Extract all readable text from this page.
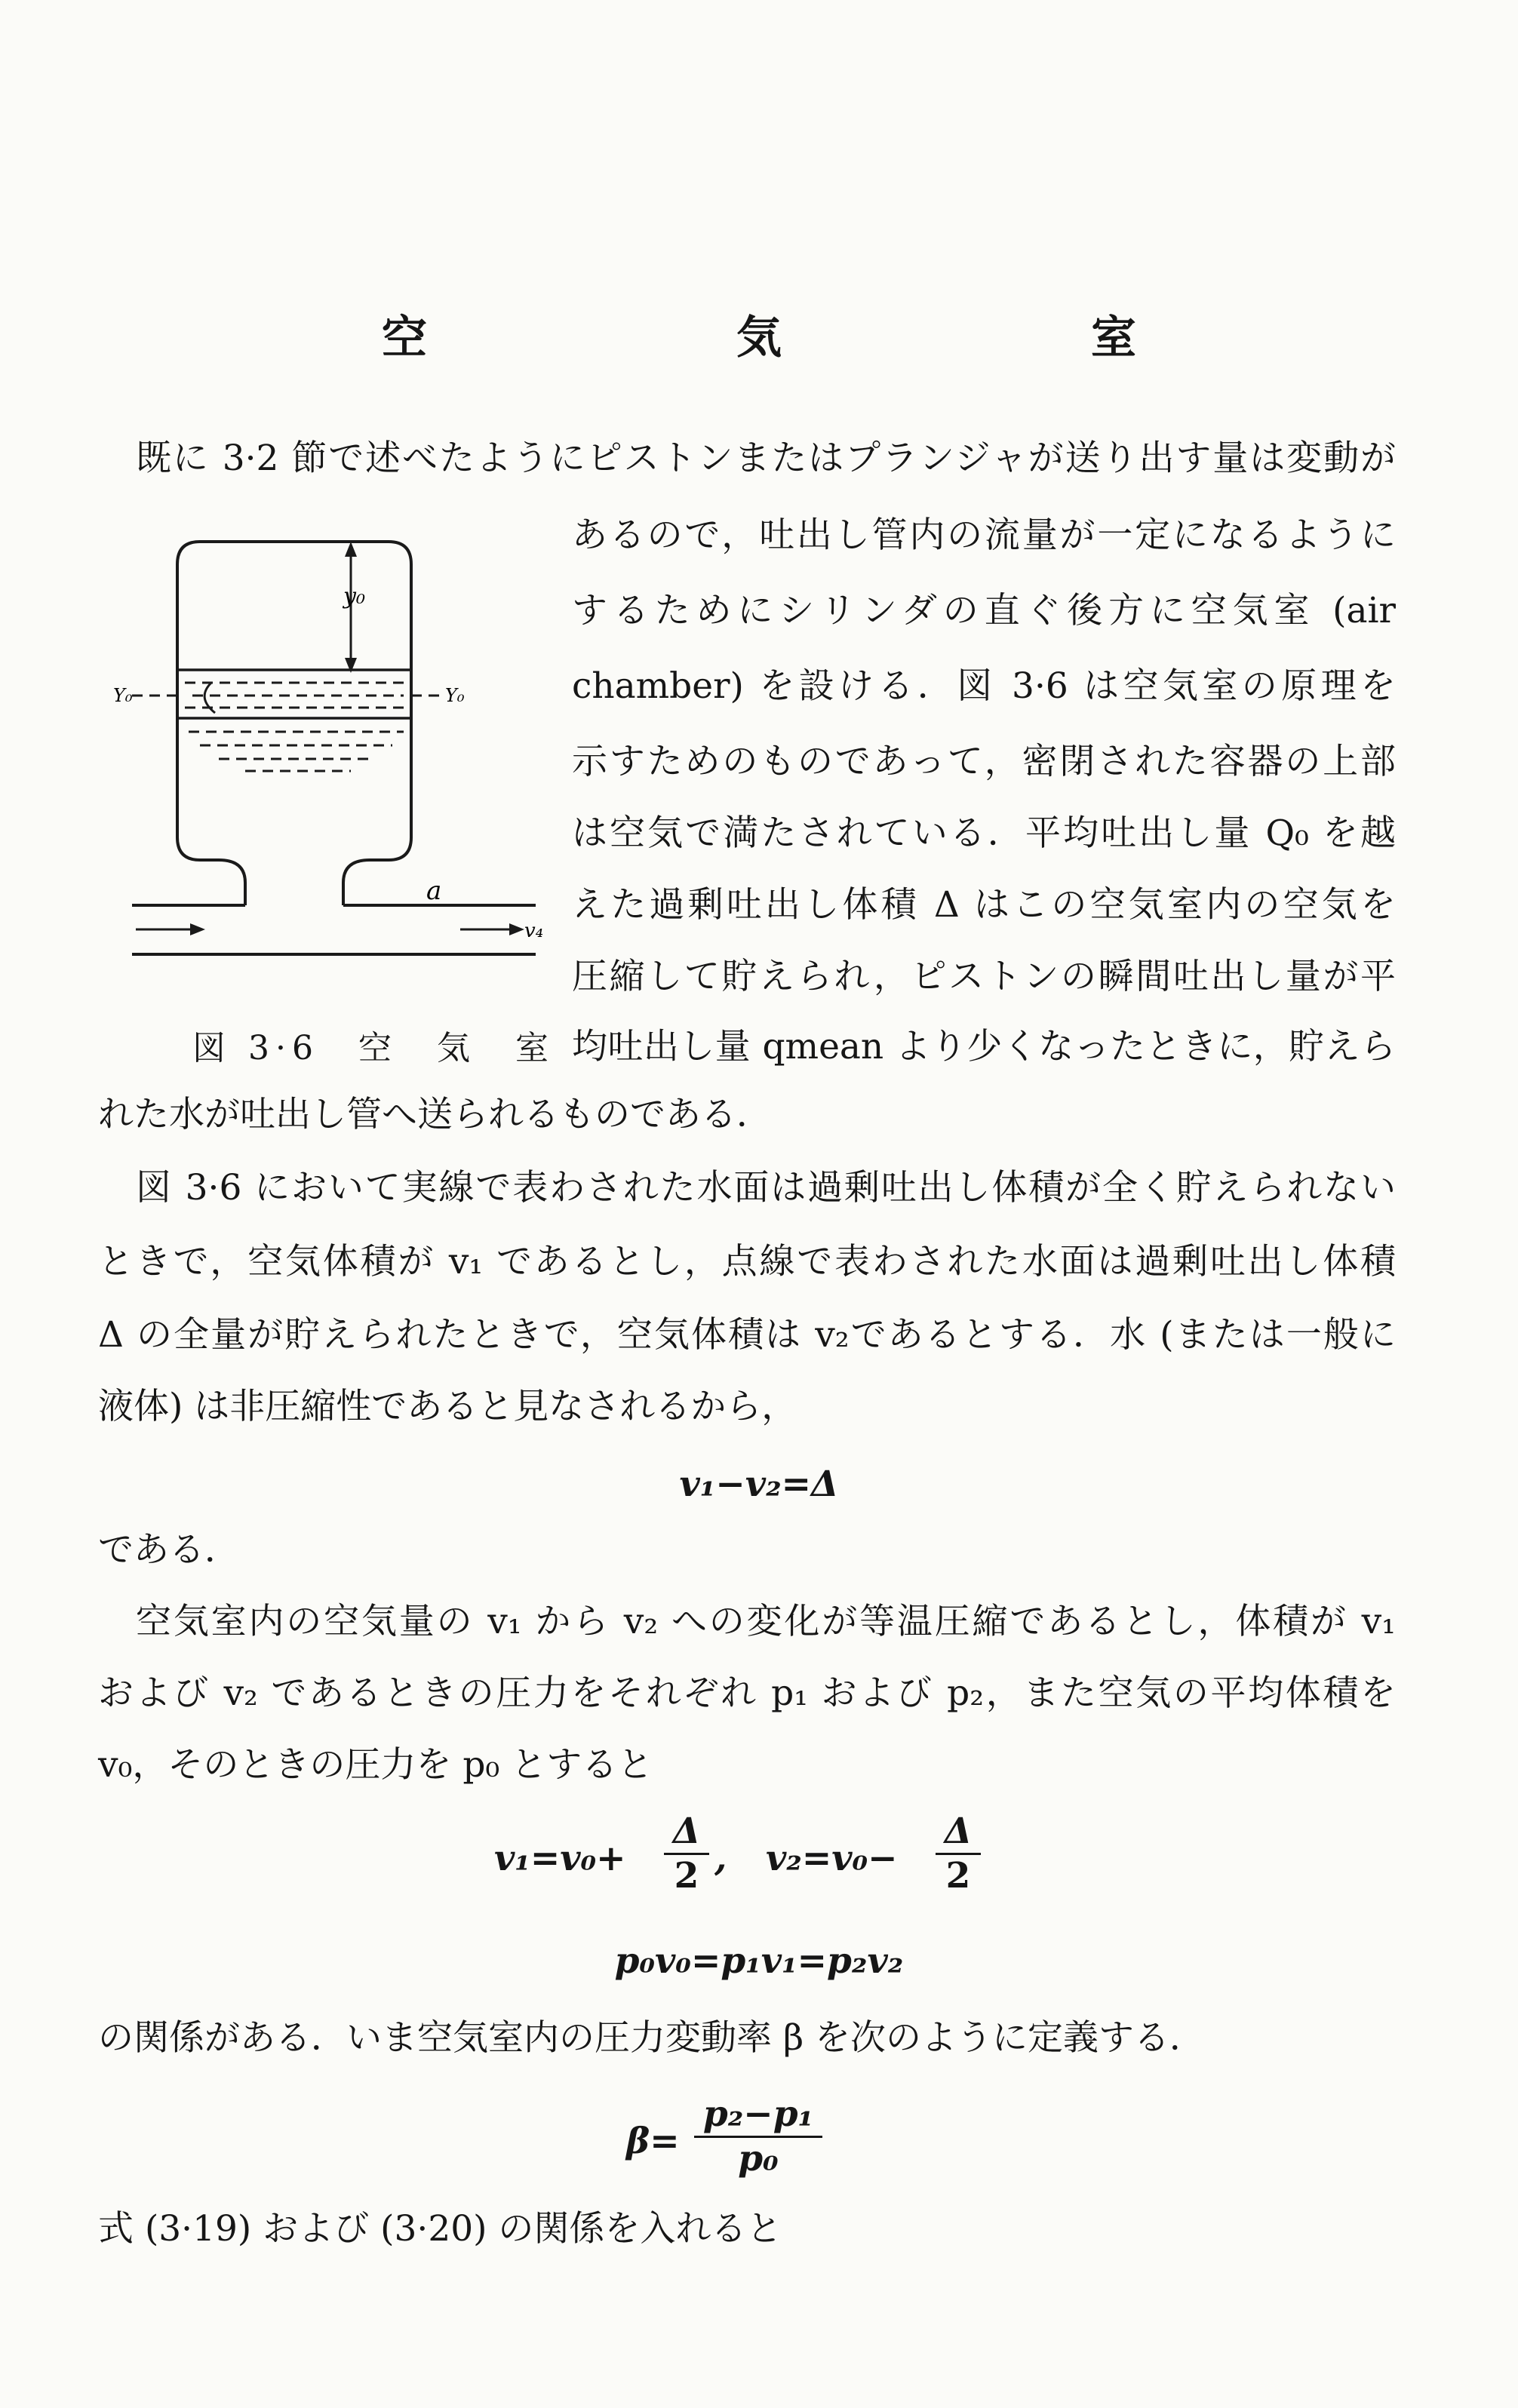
空　気　室
既に 3·2 節で述べたようにピストンまたはプランジャが送り出す量は変動が
あるので，吐出し管内の流量が一定になるように
するためにシリンダの直ぐ後方に空気室 (air
chamber) を設ける．図 3·6 は空気室の原理を
示すためのものであって，密閉された容器の上部
は空気で満たされている．平均吐出し量 Q₀ を越
えた過剰吐出し体積 Δ はこの空気室内の空気を
圧縮して貯えられ，ピストンの瞬間吐出し量が平
均吐出し量 qmean より少くなったときに，貯えら
れた水が吐出し管へ送られるものである．
y₀
Y₀	Y₀
a
v₄
図 3·6　空　気　室
図 3·6 において実線で表わされた水面は過剰吐出し体積が全く貯えられない
ときで，空気体積が v₁ であるとし，点線で表わされた水面は過剰吐出し体積
Δ の全量が貯えられたときで，空気体積は v₂であるとする．水 (または一般に
液体) は非圧縮性であると見なされるから，
v₁−v₂=Δ
である．
空気室内の空気量の v₁ から v₂ への変化が等温圧縮であるとし，体積が v₁
および v₂ であるときの圧力をそれぞれ p₁ および p₂，また空気の平均体積を
v₀，そのときの圧力を p₀ とすると
v₁=v₀+
Δ
2 , v₂=v₀−
Δ
2
p₀v₀=p₁v₁=p₂v₂
の関係がある．いま空気室内の圧力変動率 β を次のように定義する．
β=
p₂−p₁
p₀
式 (3·19) および (3·20) の関係を入れると
